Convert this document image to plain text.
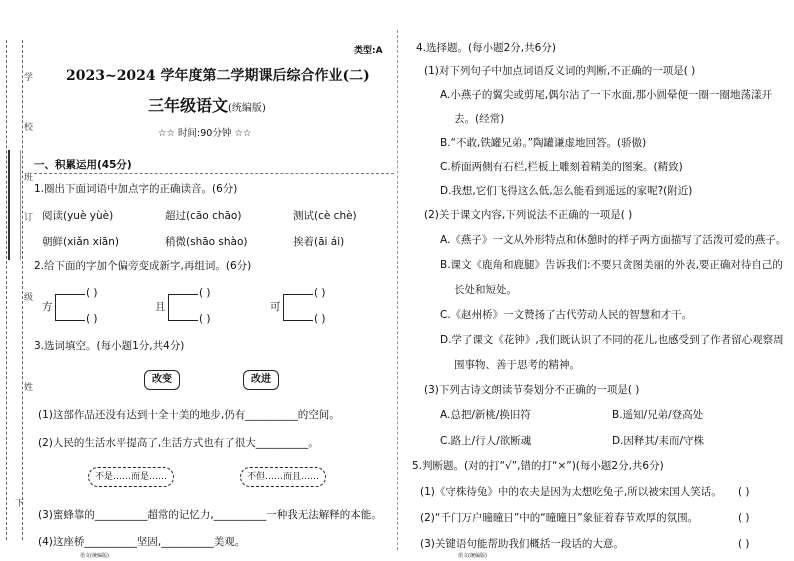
学
校
班
订
级
姓
下
类型:A
2023~2024 学年度第二学期课后综合作业(二)
三年级语文(统编版)
☆☆ 时间:90分钟 ☆☆
一、积累运用(45分)
1.圈出下面词语中加点字的正确读音。(6分)
阅读(yuè yùè)	超过(cāo chāo)	测试(cè chè)
朝鲜(xiǎn xiān)	稍微(shāo shào)	挨着(āi ái)
2.给下面的字加个偏旁变成新字,再组词。(6分)
方
( )
( )
且
( )
( )
可
( )
( )
3.选词填空。(每小题1分,共4分)
改变	改进
(1)这部作品还没有达到十全十美的地步,仍有__________的空间。
(2)人民的生活水平提高了,生活方式也有了很大__________。
不是……而是……	不但……而且……
(3)蜜蜂靠的__________超常的记忆力,__________一种我无法解释的本能。
(4)这座桥__________坚固,__________美观。
语文(统编版)
4.选择题。(每小题2分,共6分)
(1)对下列句子中加点词语反义词的判断,不正确的一项是( )
A.小燕子的翼尖或剪尾,偶尔沾了一下水面,那小圆晕便一圈一圈地荡漾开
去。(经常)
B.“不敢,铁罐兄弟。”陶罐谦虚地回答。(骄傲)
C.桥面两侧有石栏,栏板上雕刻着精美的图案。(精致)
D.我想,它们飞得这么低,怎么能看到遥远的家呢?(附近)
(2)关于课文内容,下列说法不正确的一项是( )
A.《燕子》一文从外形特点和休憩时的样子两方面描写了活泼可爱的燕子。
B.课文《鹿角和鹿腿》告诉我们:不要只贪图美丽的外表,要正确对待自己的
长处和短处。
C.《赵州桥》一文赞扬了古代劳动人民的智慧和才干。
D.学了课文《花钟》,我们既认识了不同的花儿,也感受到了作者留心观察周
围事物、善于思考的精神。
(3)下列古诗文朗读节奏划分不正确的一项是( )
A.总把/新桃/换旧符	B.遥知/兄弟/登高处
C.路上/行人/欲断魂	D.因释其/耒而/守株
5.判断题。(对的打“√”,错的打“×”)(每小题2分,共6分)
(1)《守株待兔》中的农夫是因为太想吃兔子,所以被宋国人笑话。 ( )
(2)“千门万户曈曈日”中的“曈曈日”象征着春节欢厚的氛围。	( )
(3)关键语句能帮助我们概括一段话的大意。	( )
语文(统编版)
